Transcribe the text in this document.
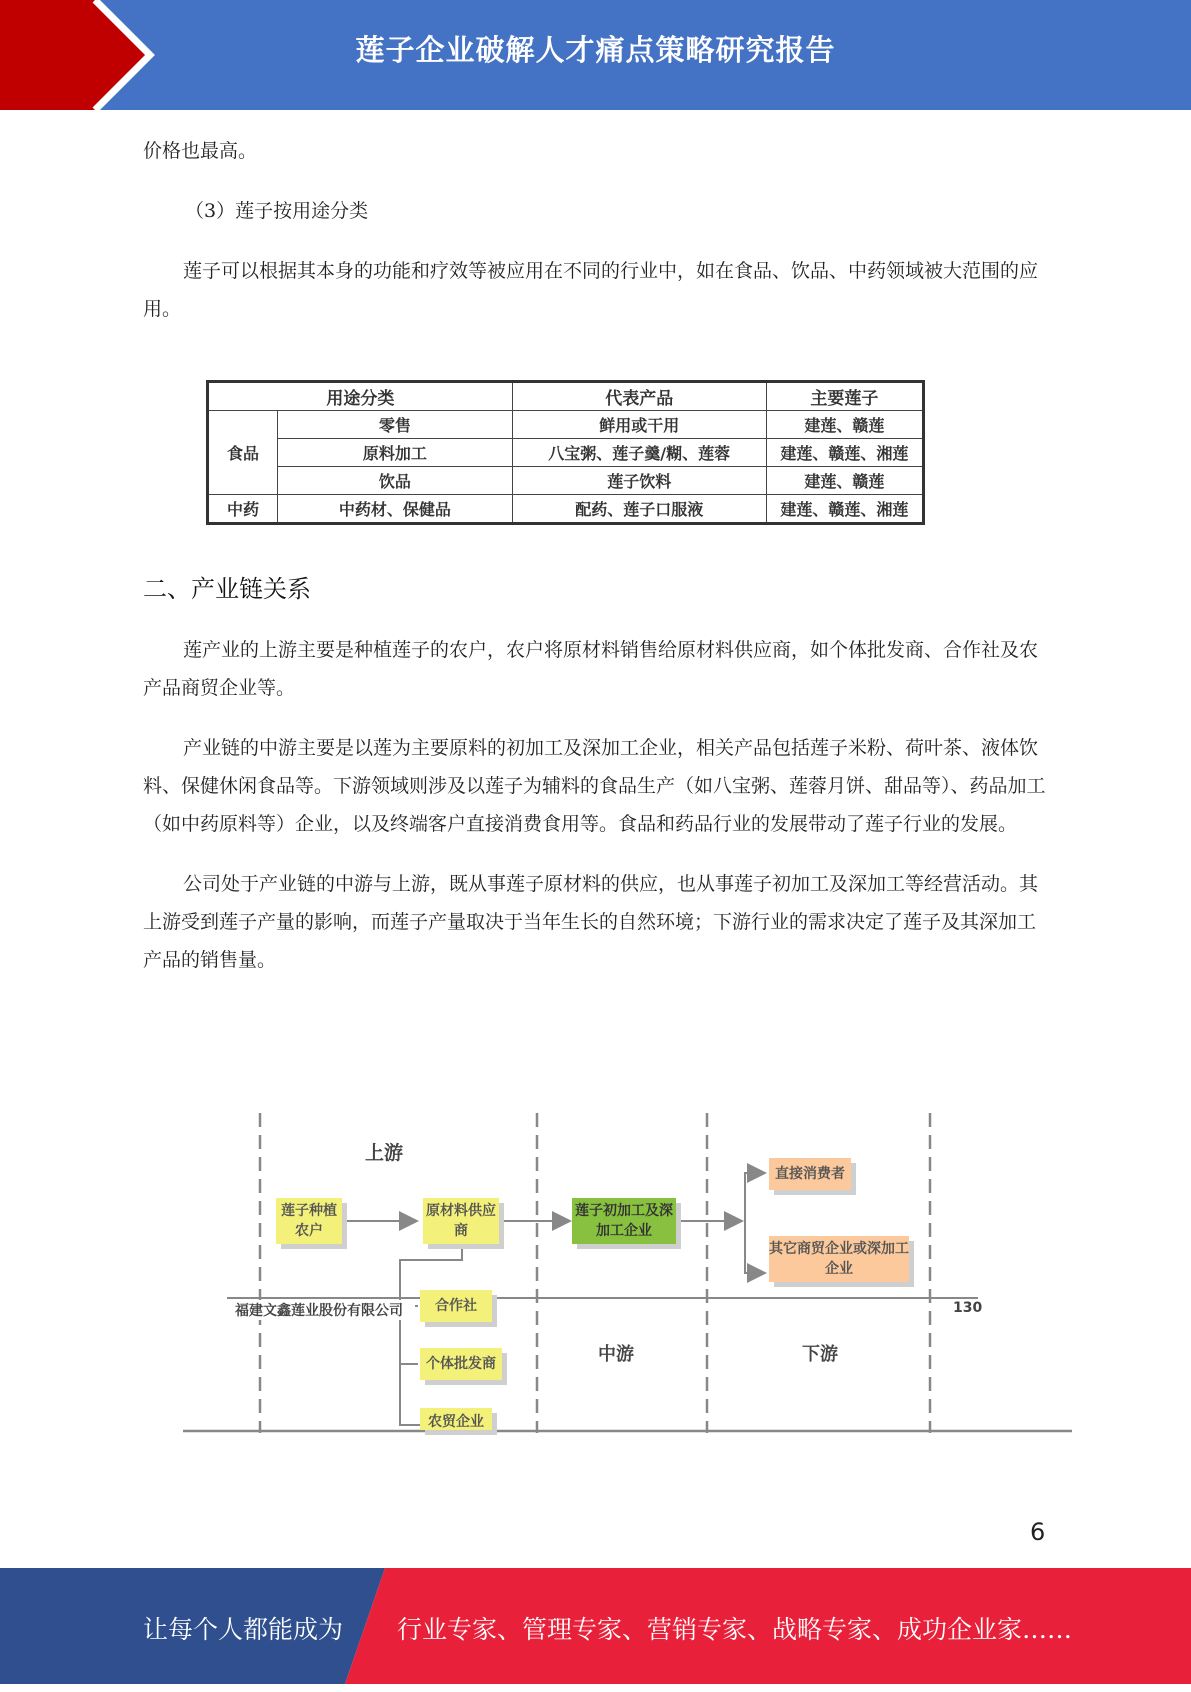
莲子企业破解人才痛点策略研究报告

价格也最高。

（3）莲子按用途分类

莲子可以根据其本身的功能和疗效等被应用在不同的行业中，如在食品、饮品、中药领域被大范围的应用。

用途分类		代表产品	主要莲子
食品	零售	鲜用或干用	建莲、赣莲
	原料加工	八宝粥、莲子羹/糊、莲蓉	建莲、赣莲、湘莲
	饮品	莲子饮料	建莲、赣莲
中药	中药材、保健品	配药、莲子口服液	建莲、赣莲、湘莲
二、产业链关系

莲产业的上游主要是种植莲子的农户，农户将原材料销售给原材料供应商，如个体批发商、合作社及农产品商贸企业等。

产业链的中游主要是以莲为主要原料的初加工及深加工企业，相关产品包括莲子米粉、荷叶茶、液体饮料、保健休闲食品等。下游领域则涉及以莲子为辅料的食品生产（如八宝粥、莲蓉月饼、甜品等）、药品加工（如中药原料等）企业，以及终端客户直接消费食用等。食品和药品行业的发展带动了莲子行业的发展。

公司处于产业链的中游与上游，既从事莲子原材料的供应，也从事莲子初加工及深加工等经营活动。其上游受到莲子产量的影响，而莲子产量取决于当年生长的自然环境；下游行业的需求决定了莲子及其深加工产品的销售量。

上游
中游	下游
莲子种植农户
原材料供应商
莲子初加工及深加工企业
直接消费者
其它商贸企业或深加工企业
合作社
个体批发商
农贸企业
福建文鑫莲业股份有限公司	130
6
让每个人都能成为 行业专家、管理专家、营销专家、战略专家、成功企业家……
